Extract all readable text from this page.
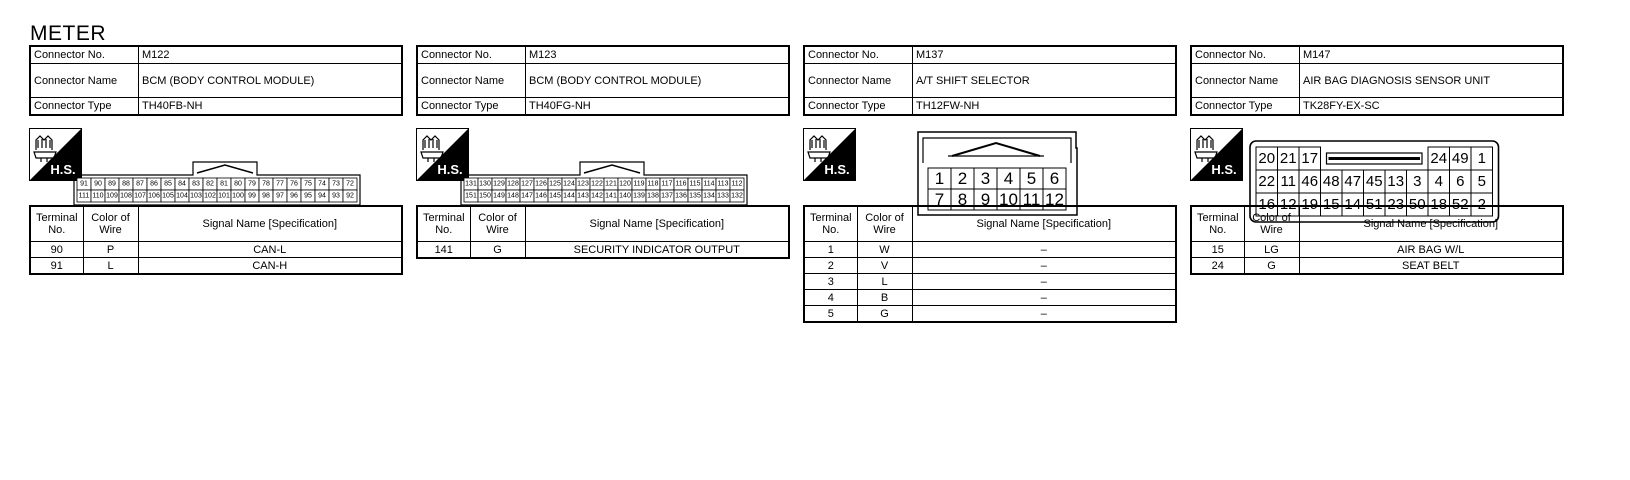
METER
Connector No.	M122
Connector Name	BCM (BODY CONTROL MODULE)
Connector Type	TH40FB-NH
H.S.
91 90 89 88 87 86 85 84 83 82 81 80 79 78 77 76 75 74 73 72
111 110 109 108 107 106 105 104 103 102 101 100 99 98 97 96 95 94 93 92
Connector No.	M123
Connector Name	BCM (BODY CONTROL MODULE)
Connector Type	TH40FG-NH
H.S.
131 130 129 128 127 126 125 124 123 122 121 120 119 118 117 116 115 114 113 112
151 150 149 148 147 146 145 144 143 142 141 140 139 138 137 136 135 134 133 132
Connector No.	M137
Connector Name	A/T SHIFT SELECTOR
Connector Type	TH12FW-NH
H.S.	1 2 3 4 5 6
7 8 9 10 11 12
Connector No.	M147
Connector Name	AIR BAG DIAGNOSIS SENSOR UNIT
Connector Type	TK28FY-EX-SC
H.S.
20 21 17	24 49 1
22 11 46 48 47 45 13 3 4 6 5
16 12 19 15 14 51 23 50 18 52 2
Terminal No.	Color of Wire	Signal Name [Specification]
90	P	CAN-L
91	L	CAN-H
Terminal No.	Color of Wire	Signal Name [Specification]
141	G	SECURITY INDICATOR OUTPUT
Terminal No.	Color of Wire	Signal Name [Specification]
1	W	–
2	V	–
3	L	–
4	B	–
5	G	–
Terminal No.	Color of Wire	Signal Name [Specification]
15	LG	AIR BAG W/L
24	G	SEAT BELT
